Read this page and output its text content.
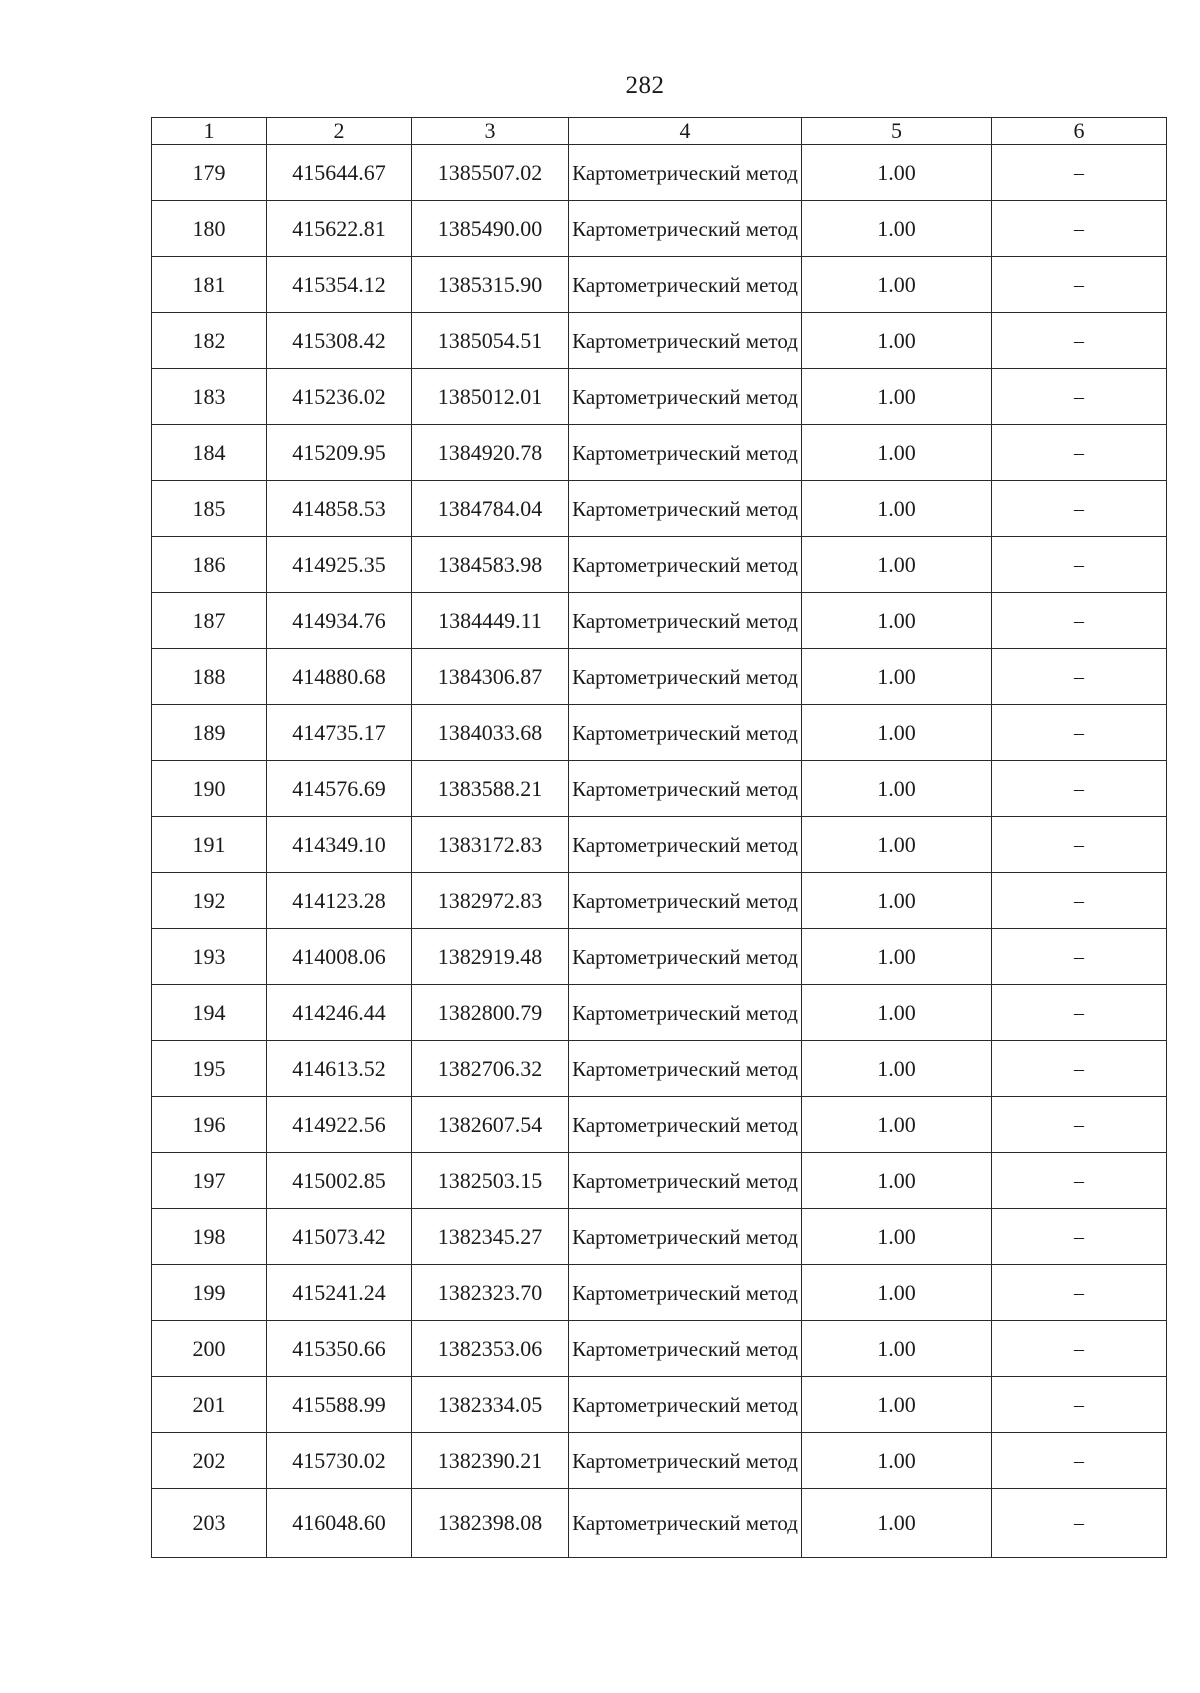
282
1	2	3	4	5	6
179	415644.67	1385507.02	Картометрический метод	1.00	–
180	415622.81	1385490.00	Картометрический метод	1.00	–
181	415354.12	1385315.90	Картометрический метод	1.00	–
182	415308.42	1385054.51	Картометрический метод	1.00	–
183	415236.02	1385012.01	Картометрический метод	1.00	–
184	415209.95	1384920.78	Картометрический метод	1.00	–
185	414858.53	1384784.04	Картометрический метод	1.00	–
186	414925.35	1384583.98	Картометрический метод	1.00	–
187	414934.76	1384449.11	Картометрический метод	1.00	–
188	414880.68	1384306.87	Картометрический метод	1.00	–
189	414735.17	1384033.68	Картометрический метод	1.00	–
190	414576.69	1383588.21	Картометрический метод	1.00	–
191	414349.10	1383172.83	Картометрический метод	1.00	–
192	414123.28	1382972.83	Картометрический метод	1.00	–
193	414008.06	1382919.48	Картометрический метод	1.00	–
194	414246.44	1382800.79	Картометрический метод	1.00	–
195	414613.52	1382706.32	Картометрический метод	1.00	–
196	414922.56	1382607.54	Картометрический метод	1.00	–
197	415002.85	1382503.15	Картометрический метод	1.00	–
198	415073.42	1382345.27	Картометрический метод	1.00	–
199	415241.24	1382323.70	Картометрический метод	1.00	–
200	415350.66	1382353.06	Картометрический метод	1.00	–
201	415588.99	1382334.05	Картометрический метод	1.00	–
202	415730.02	1382390.21	Картометрический метод	1.00	–
203	416048.60	1382398.08	Картометрический метод	1.00	–
